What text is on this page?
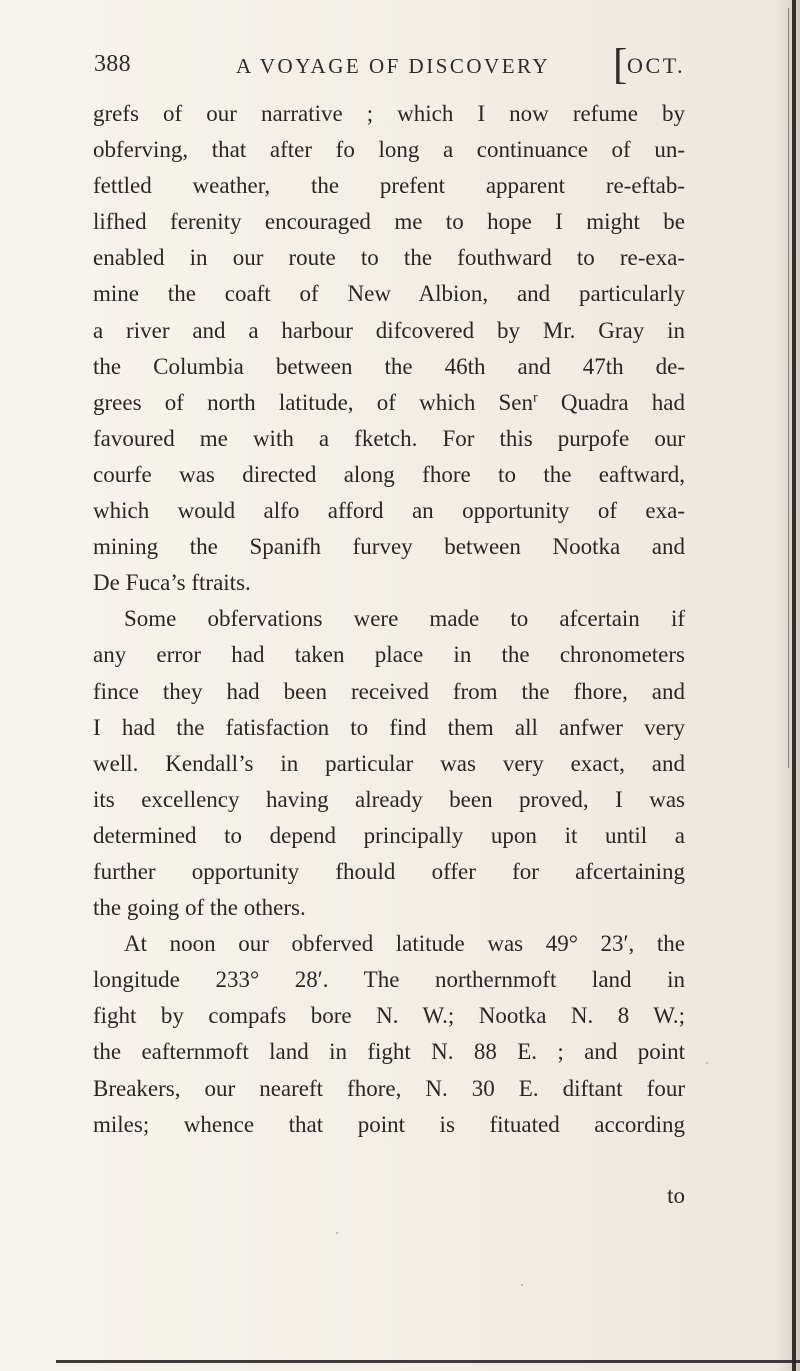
388	A VOYAGE OF DISCOVERY [ OCT.
grefs of our narrative ; which I now refume by
obferving, that after fo long a continuance of un-
fettled weather, the prefent apparent re-eftab-
lifhed ferenity encouraged me to hope I might be
enabled in our route to the fouthward to re-exa-
mine the coaft of New Albion, and particularly
a river and a harbour difcovered by Mr. Gray in
the Columbia between the 46th and 47th de-
grees of north latitude, of which Sen$^r$ Quadra had
favoured me with a fketch. For this purpofe our
courfe was directed along fhore to the eaftward,
which would alfo afford an opportunity of exa-
mining the Spanifh furvey between Nootka and
De Fuca’s ftraits.
Some obfervations were made to afcertain if
any error had taken place in the chronometers
fince they had been received from the fhore, and
I had the fatisfaction to find them all anfwer very
well. Kendall’s in particular was very exact, and
its excellency having already been proved, I was
determined to depend principally upon it until a
further opportunity fhould offer for afcertaining
the going of the others.
At noon our obferved latitude was 49° 23′, the
longitude 233° 28′. The northernmoft land in
fight by compafs bore N. W.; Nootka N. 8 W.;
the eafternmoft land in fight N. 88 E. ; and point
Breakers, our neareft fhore, N. 30 E. diftant four
miles; whence that point is fituated according
to
